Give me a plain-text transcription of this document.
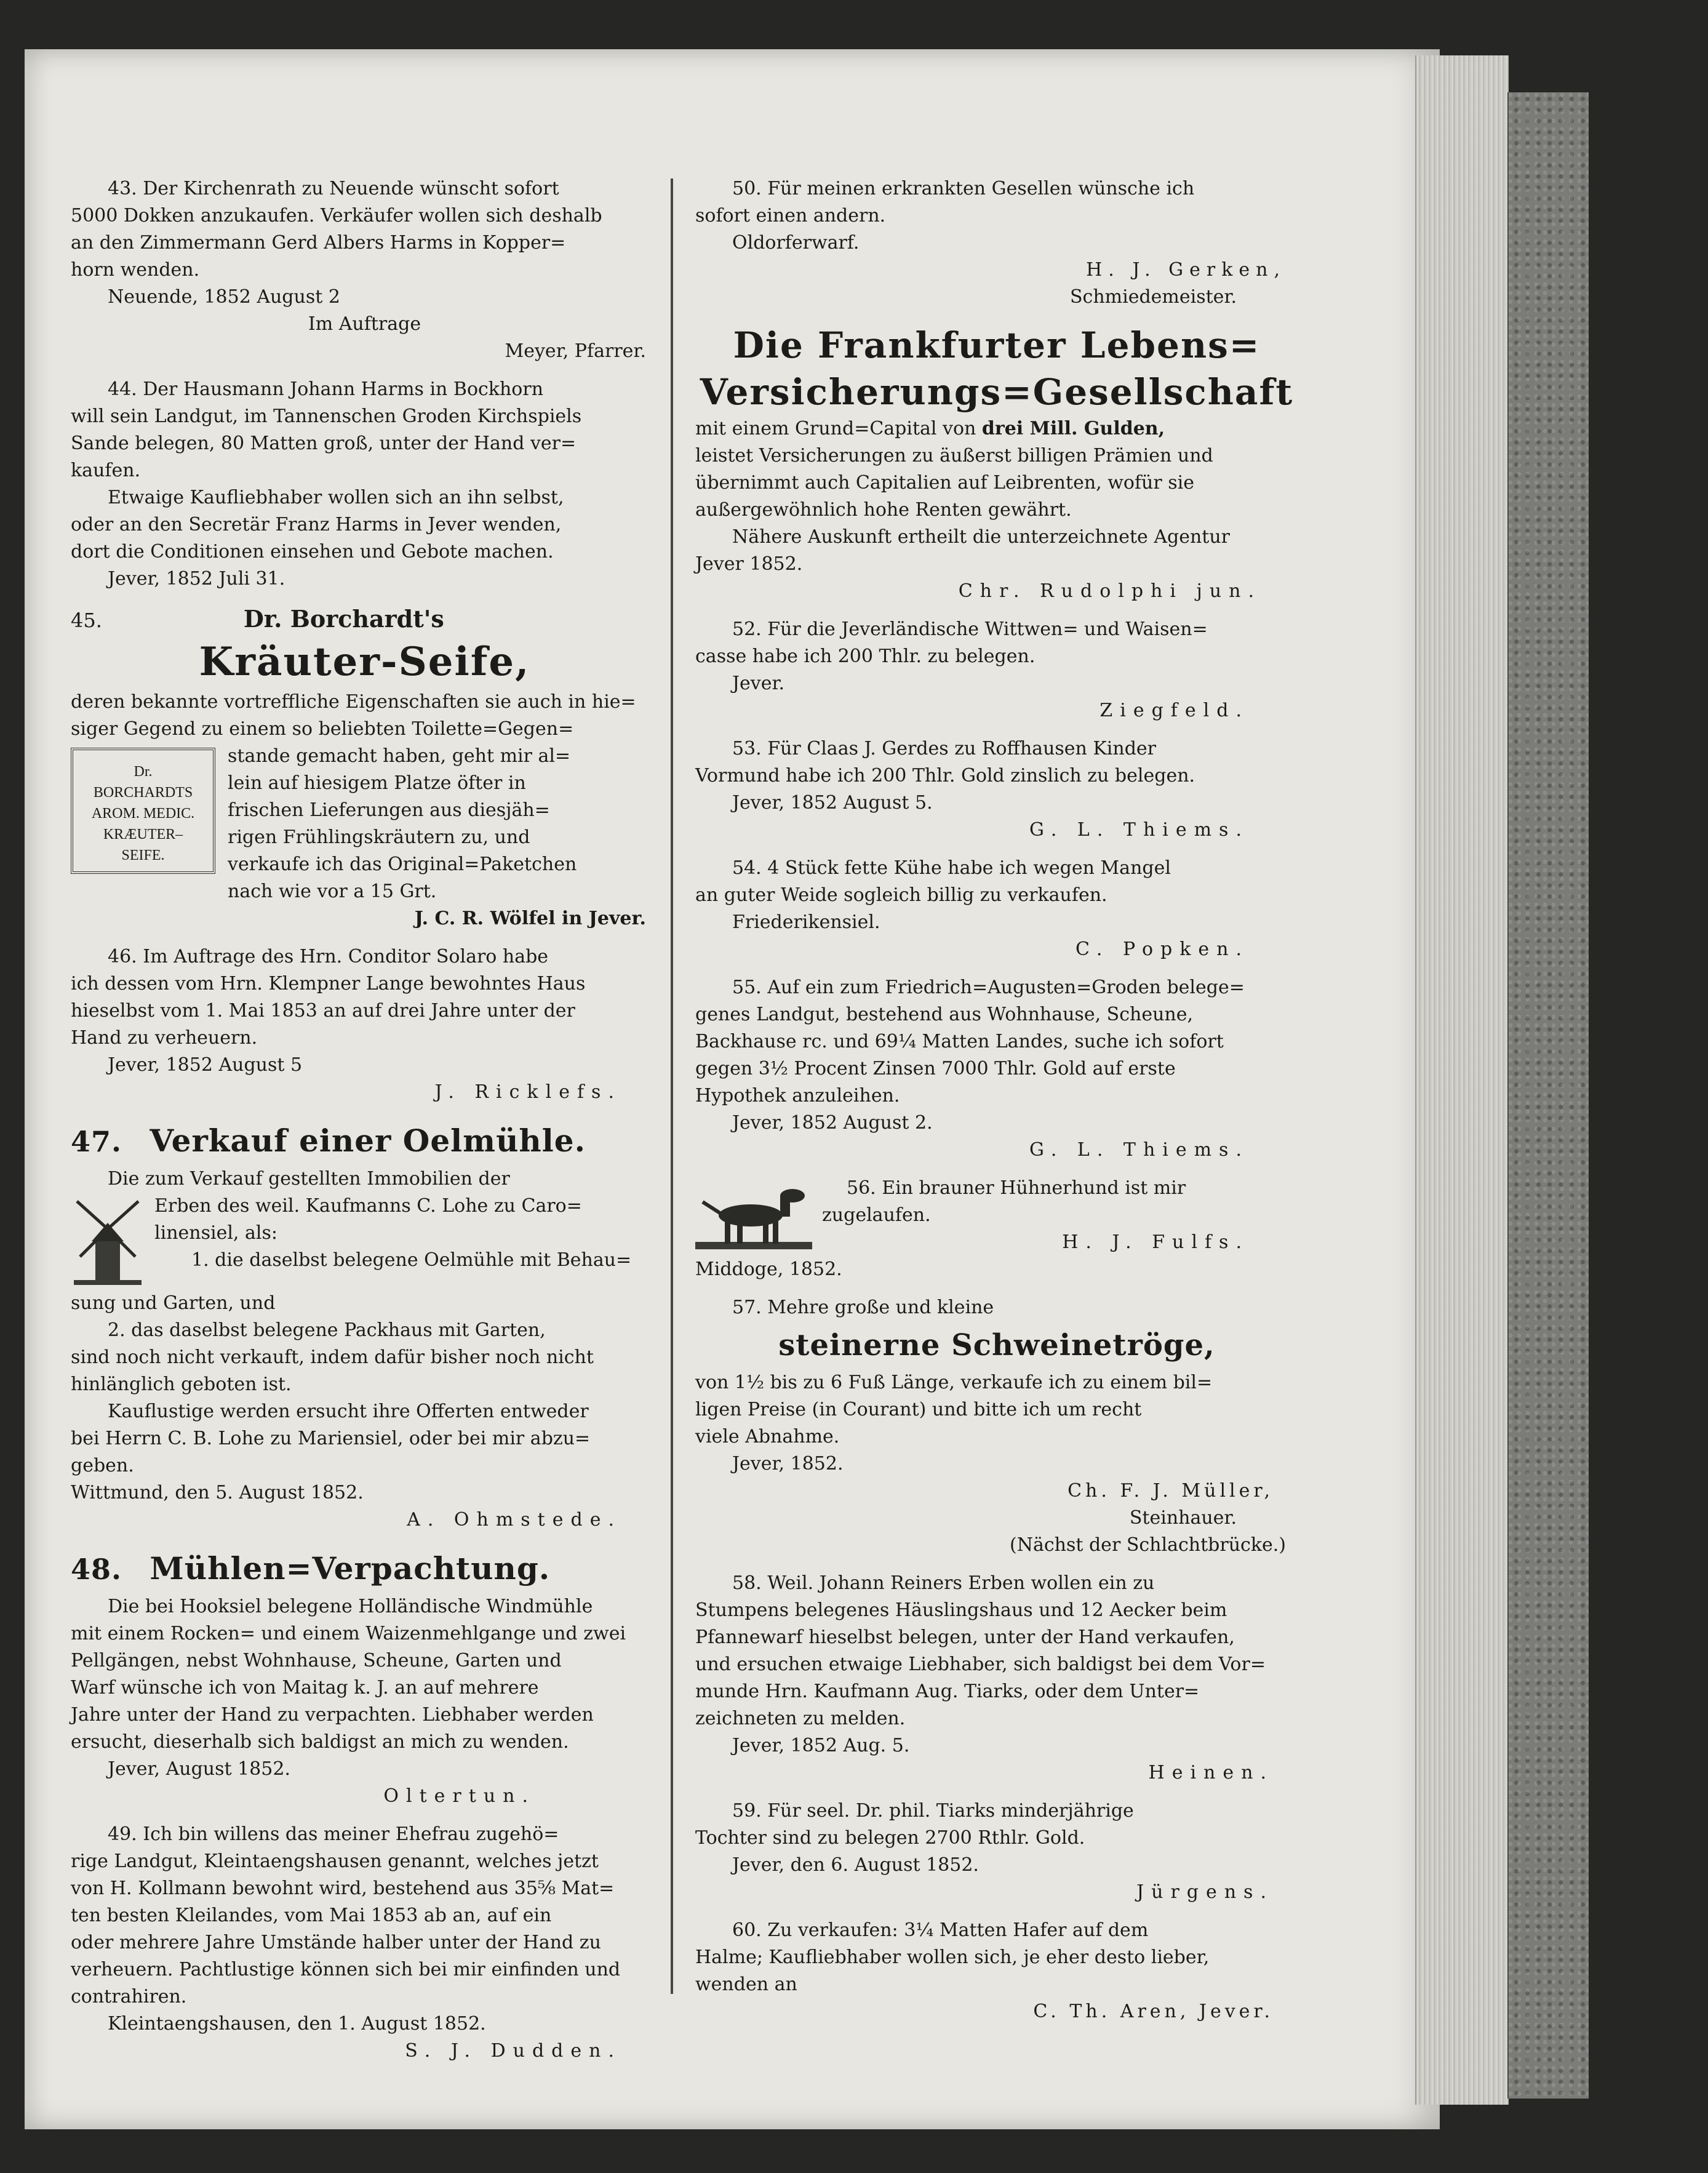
43. Der Kirchenrath zu Neuende wünscht sofort

5000 Dokken anzukaufen. Verkäufer wollen sich deshalb

an den Zimmermann Gerd Albers Harms in Kopper=

horn wenden.

Neuende, 1852 August 2

Im Auftrage

Meyer, Pfarrer.

44. Der Hausmann Johann Harms in Bockhorn

will sein Landgut, im Tannenschen Groden Kirchspiels

Sande belegen, 80 Matten groß, unter der Hand ver=

kaufen.

Etwaige Kaufliebhaber wollen sich an ihn selbst,

oder an den Secretär Franz Harms in Jever wenden,

dort die Conditionen einsehen und Gebote machen.

Jever, 1852 Juli 31.

45.	Dr. Borchardt's

Kräuter-Seife,

deren bekannte vortreffliche Eigenschaften sie auch in hie=

siger Gegend zu einem so beliebten Toilette=Gegen=

Dr.
BORCHARDTS
AROM. MEDIC.
KRÆUTER–
SEIFE.

stande gemacht haben, geht mir al=

lein auf hiesigem Platze öfter in

frischen Lieferungen aus diesjäh=

rigen Frühlingskräutern zu, und

verkaufe ich das Original=Paketchen

nach wie vor a 15 Grt.

J. C. R. Wölfel in Jever.

46. Im Auftrage des Hrn. Conditor Solaro habe

ich dessen vom Hrn. Klempner Lange bewohntes Haus

hieselbst vom 1. Mai 1853 an auf drei Jahre unter der

Hand zu verheuern.

Jever, 1852 August 5

J. Ricklefs.

47. Verkauf einer Oelmühle.

Die zum Verkauf gestellten Immobilien der

Erben des weil. Kaufmanns C. Lohe zu Caro=

linensiel, als:

1. die daselbst belegene Oelmühle mit Behau=

sung und Garten, und

2. das daselbst belegene Packhaus mit Garten,

sind noch nicht verkauft, indem dafür bisher noch nicht

hinlänglich geboten ist.

Kauflustige werden ersucht ihre Offerten entweder

bei Herrn C. B. Lohe zu Mariensiel, oder bei mir abzu=

geben.

Wittmund, den 5. August 1852.

A. Ohmstede.

48. Mühlen=Verpachtung.

Die bei Hooksiel belegene Holländische Windmühle

mit einem Rocken= und einem Waizenmehlgange und zwei

Pellgängen, nebst Wohnhause, Scheune, Garten und

Warf wünsche ich von Maitag k. J. an auf mehrere

Jahre unter der Hand zu verpachten. Liebhaber werden

ersucht, dieserhalb sich baldigst an mich zu wenden.

Jever, August 1852.

Oltertun.

49. Ich bin willens das meiner Ehefrau zugehö=

rige Landgut, Kleintaengshausen genannt, welches jetzt

von H. Kollmann bewohnt wird, bestehend aus 35⅝ Mat=

ten besten Kleilandes, vom Mai 1853 ab an, auf ein

oder mehrere Jahre Umstände halber unter der Hand zu

verheuern. Pachtlustige können sich bei mir einfinden und

contrahiren.

Kleintaengshausen, den 1. August 1852.

S. J. Dudden.

50. Für meinen erkrankten Gesellen wünsche ich

sofort einen andern.

Oldorferwarf.

H. J. Gerken,

Schmiedemeister.

Die Frankfurter Lebens=

Versicherungs=Gesellschaft

mit einem Grund=Capital von drei Mill. Gulden,

leistet Versicherungen zu äußerst billigen Prämien und

übernimmt auch Capitalien auf Leibrenten, wofür sie

außergewöhnlich hohe Renten gewährt.

Nähere Auskunft ertheilt die unterzeichnete Agentur

Jever 1852.

Chr. Rudolphi jun.

52. Für die Jeverländische Wittwen= und Waisen=

casse habe ich 200 Thlr. zu belegen.

Jever.

Ziegfeld.

53. Für Claas J. Gerdes zu Roffhausen Kinder

Vormund habe ich 200 Thlr. Gold zinslich zu belegen.

Jever, 1852 August 5.

G. L. Thiems.

54. 4 Stück fette Kühe habe ich wegen Mangel

an guter Weide sogleich billig zu verkaufen.

Friederikensiel.

C. Popken.

55. Auf ein zum Friedrich=Augusten=Groden belege=

genes Landgut, bestehend aus Wohnhause, Scheune,

Backhause rc. und 69¼ Matten Landes, suche ich sofort

gegen 3½ Procent Zinsen 7000 Thlr. Gold auf erste

Hypothek anzuleihen.

Jever, 1852 August 2.

G. L. Thiems.

56. Ein brauner Hühnerhund ist mir

zugelaufen.

H. J. Fulfs.

Middoge, 1852.

57. Mehre große und kleine

steinerne Schweinetröge,

von 1½ bis zu 6 Fuß Länge, verkaufe ich zu einem bil=

ligen Preise (in Courant) und bitte ich um recht

viele Abnahme.

Jever, 1852.

Ch. F. J. Müller,

Steinhauer.

(Nächst der Schlachtbrücke.)

58. Weil. Johann Reiners Erben wollen ein zu

Stumpens belegenes Häuslingshaus und 12 Aecker beim

Pfannewarf hieselbst belegen, unter der Hand verkaufen,

und ersuchen etwaige Liebhaber, sich baldigst bei dem Vor=

munde Hrn. Kaufmann Aug. Tiarks, oder dem Unter=

zeichneten zu melden.

Jever, 1852 Aug. 5.

Heinen.

59. Für seel. Dr. phil. Tiarks minderjährige

Tochter sind zu belegen 2700 Rthlr. Gold.

Jever, den 6. August 1852.

Jürgens.

60. Zu verkaufen: 3¼ Matten Hafer auf dem

Halme; Kaufliebhaber wollen sich, je eher desto lieber,

wenden an

C. Th. Aren, Jever.
